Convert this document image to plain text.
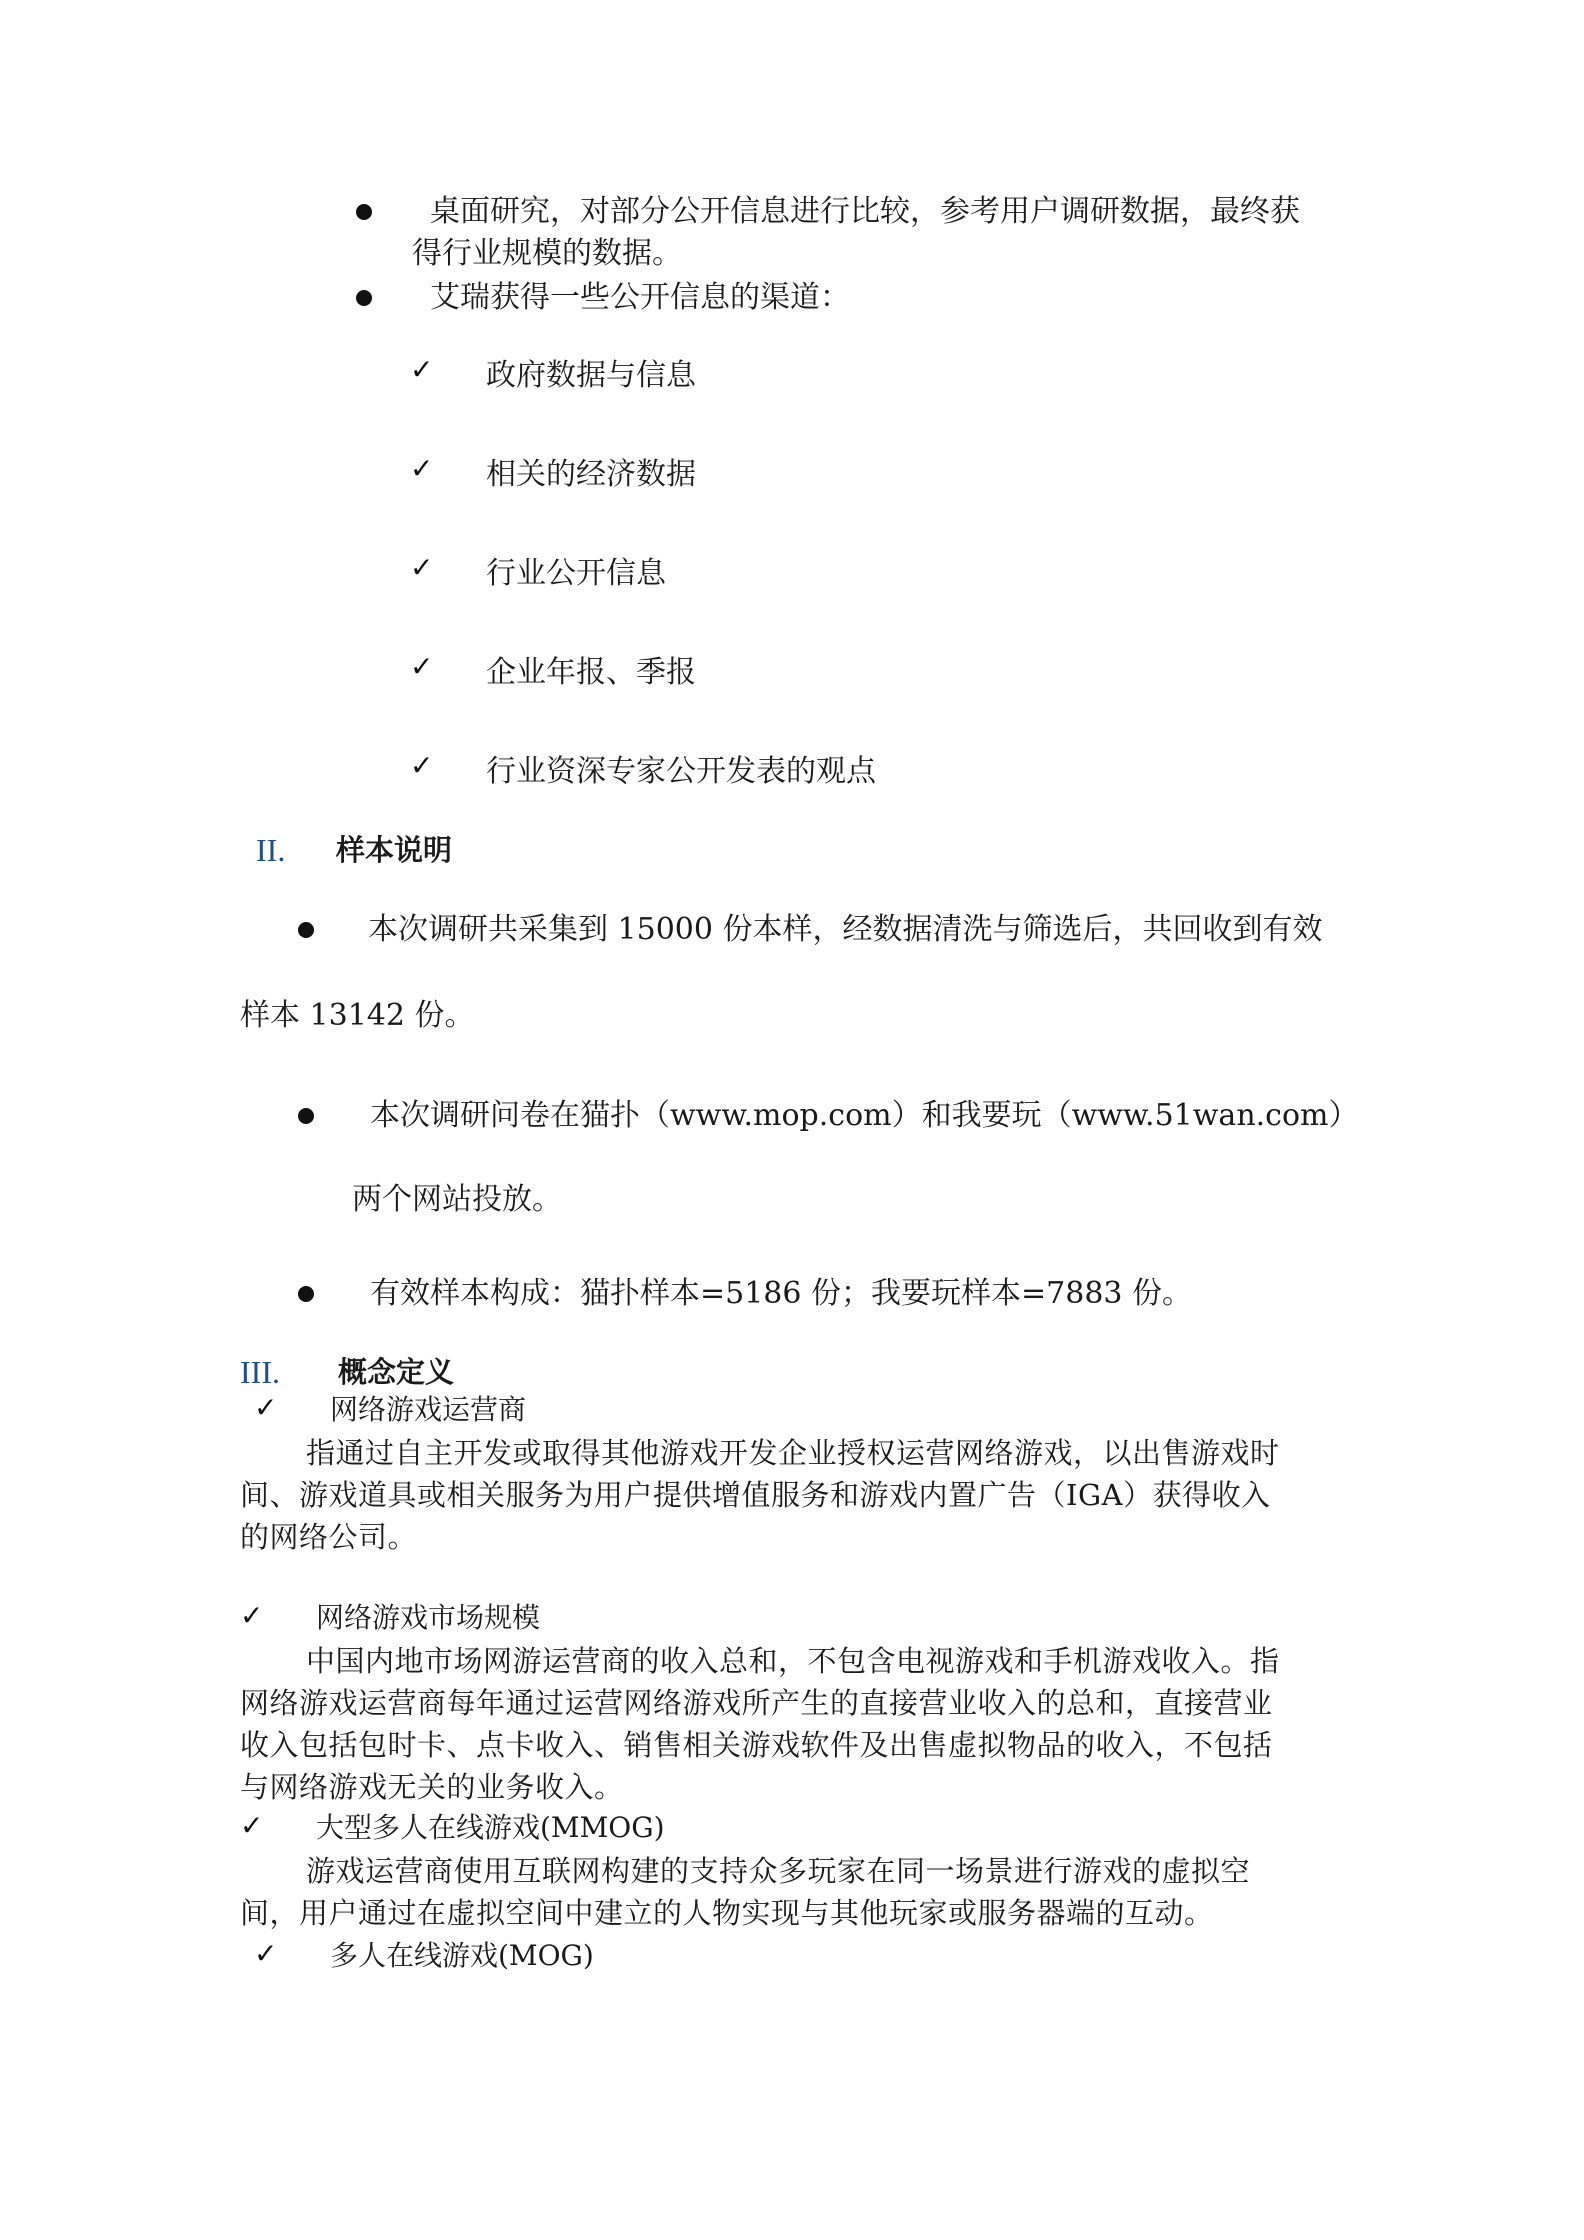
桌面研究，对部分公开信息进行比较，参考用户调研数据，最终获
得行业规模的数据。
艾瑞获得一些公开信息的渠道：
✓ 政府数据与信息
✓ 相关的经济数据
✓ 行业公开信息
✓ 企业年报、季报
✓ 行业资深专家公开发表的观点
II. 样本说明
本次调研共采集到 15000 份本样，经数据清洗与筛选后，共回收到有效
样本 13142 份。
本次调研问卷在猫扑（www.mop.com）和我要玩（www.51wan.com）
两个网站投放。
有效样本构成：猫扑样本=5186 份；我要玩样本=7883 份。
III. 概念定义
✓ 网络游戏运营商
指通过自主开发或取得其他游戏开发企业授权运营网络游戏，以出售游戏时
间、游戏道具或相关服务为用户提供增值服务和游戏内置广告（IGA）获得收入
的网络公司。
✓ 网络游戏市场规模
中国内地市场网游运营商的收入总和，不包含电视游戏和手机游戏收入。指
网络游戏运营商每年通过运营网络游戏所产生的直接营业收入的总和，直接营业
收入包括包时卡、点卡收入、销售相关游戏软件及出售虚拟物品的收入，不包括
与网络游戏无关的业务收入。
✓ 大型多人在线游戏(MMOG)
游戏运营商使用互联网构建的支持众多玩家在同一场景进行游戏的虚拟空
间，用户通过在虚拟空间中建立的人物实现与其他玩家或服务器端的互动。
✓ 多人在线游戏(MOG)
